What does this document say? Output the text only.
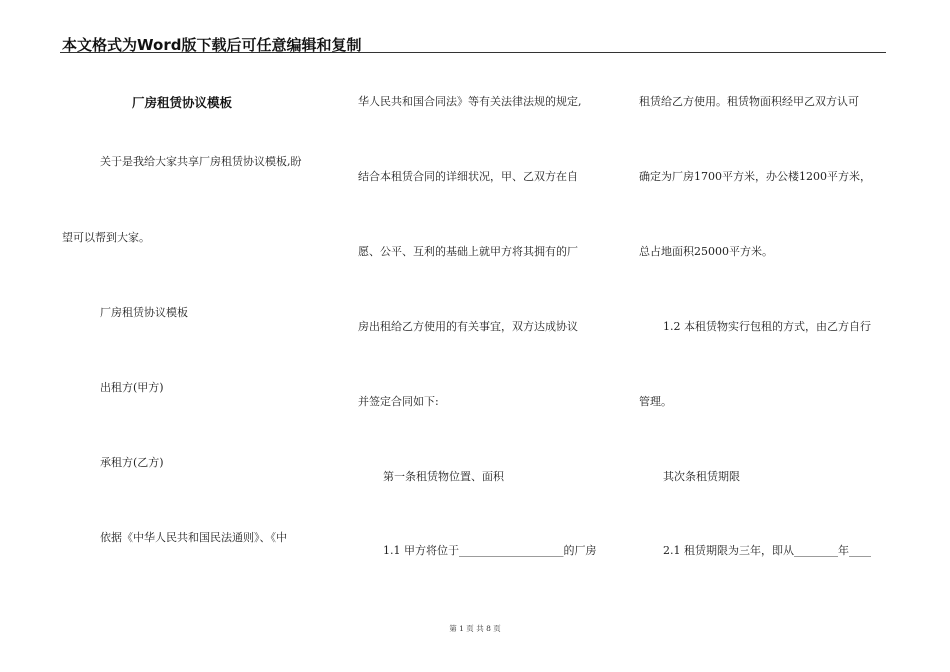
本文格式为Word版下载后可任意编辑和复制
厂房租赁协议模板
关于是我给大家共享厂房租赁协议模板,盼
望可以帮到大家。
厂房租赁协议模板
出租方(甲方)
承租方(乙方)
依据《中华人民共和国民法通则》、《中
华人民共和国合同法》等有关法律法规的规定,
结合本租赁合同的详细状况，甲、乙双方在自
愿、公平、互利的基础上就甲方将其拥有的厂
房出租给乙方使用的有关事宜，双方达成协议
并签定合同如下:
第一条租赁物位置、面积
1.1 甲方将位于___________________的厂房
租赁给乙方使用。租赁物面积经甲乙双方认可
确定为厂房1700平方米，办公楼1200平方米，
总占地面积25000平方米。
1.2 本租赁物实行包租的方式，由乙方自行
管理。
其次条租赁期限
2.1 租赁期限为三年，即从________年____
第 1 页 共 8 页
